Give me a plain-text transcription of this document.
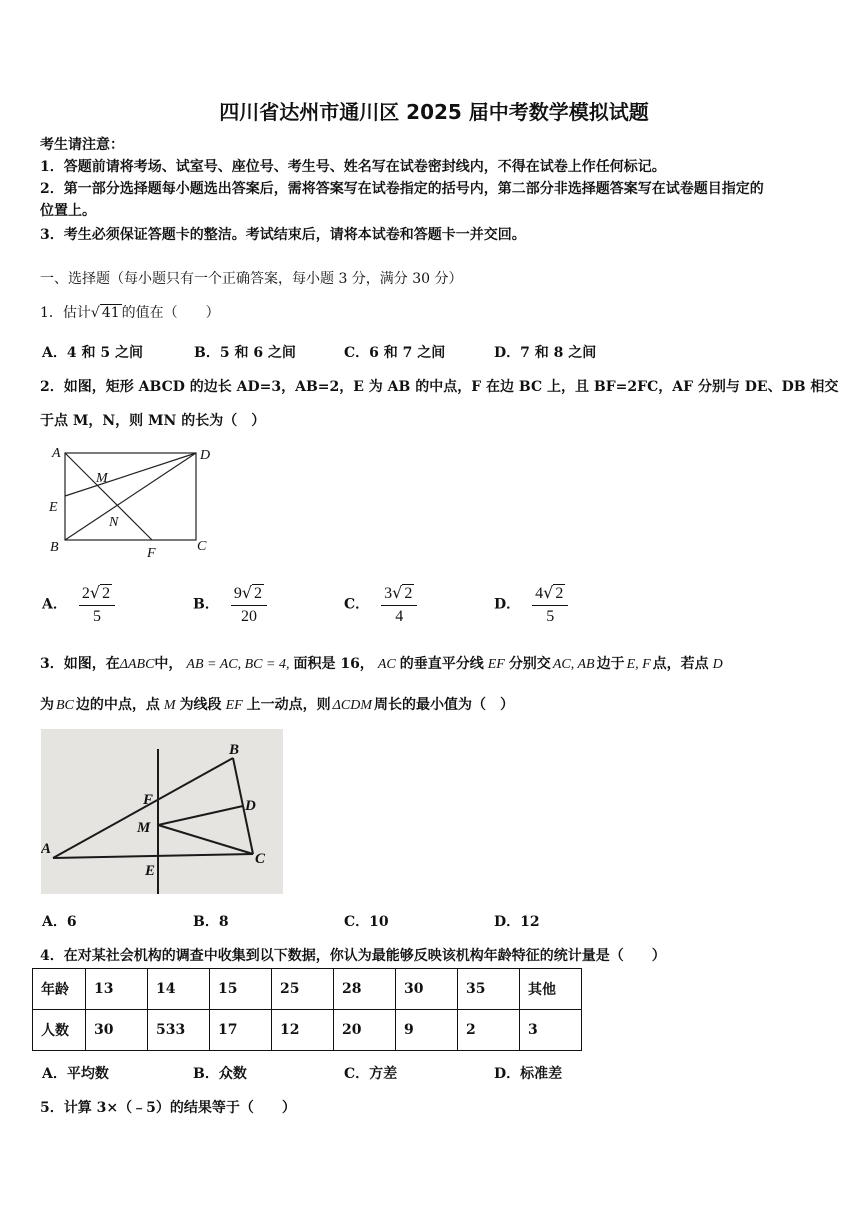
四川省达州市通川区 2025 届中考数学模拟试题
考生请注意：
1．答题前请将考场、试室号、座位号、考生号、姓名写在试卷密封线内，不得在试卷上作任何标记。
2．第一部分选择题每小题选出答案后，需将答案写在试卷指定的括号内，第二部分非选择题答案写在试卷题目指定的
位置上。
3．考生必须保证答题卡的整洁。考试结束后，请将本试卷和答题卡一并交回。
一、选择题（每小题只有一个正确答案，每小题 3 分，满分 30 分）
1．估计 √ 41 的值在（　　）
A．4 和 5 之间	B．5 和 6 之间	C．6 和 7 之间	D．7 和 8 之间
2．如图，矩形 ABCD 的边长 AD=3，AB=2，E 为 AB 的中点，F 在边 BC 上，且 BF=2FC，AF 分别与 DE、DB 相交
于点 M，N，则 MN 的长为（　）
A	D
M
E
N
B	C
F
A． $\frac{2√ 2}{5}$	B． $\frac{9√ 2}{20}$	C． $\frac{3√ 2}{4}$	D． $\frac{4√ 2}{5}$
3．如图，在ΔABC中， AB = AC, BC = 4, 面积是 16， AC 的垂直平分线 EF 分别交 AC, AB 边于 E, F 点，若点 D
为 BC 边的中点，点 M 为线段 EF 上一动点，则 ΔCDM 周长的最小值为（　）
B
F	D
M
A
E
C
A．6	B．8	C．10	D．12
4．在对某社会机构的调查中收集到以下数据，你认为最能够反映该机构年龄特征的统计量是（　　）
年龄	13	14	15	25	28	30	35	其他
人数	30	533	17	12	20	9	2	3
A．平均数	B．众数	C．方差	D．标准差
5．计算 3×（﹣5）的结果等于（　　）
